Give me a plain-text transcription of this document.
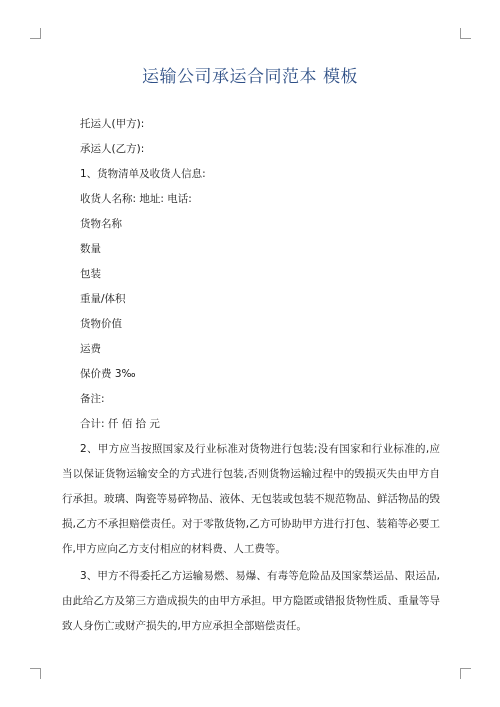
运输公司承运合同范本 模板
托运人(甲方):
承运人(乙方):
1、货物清单及收货人信息:
收货人名称: 地址: 电话:
货物名称
数量
包装
重量/体积
货物价值
运费
保价费 3‰
备注:
合计: 仟 佰 拾 元
2、甲方应当按照国家及行业标准对货物进行包装;没有国家和行业标准的,应当以保证货物运输安全的方式进行包装,否则货物运输过程中的毁损灭失由甲方自行承担。玻璃、陶瓷等易碎物品、液体、无包装或包装不规范物品、鲜活物品的毁损,乙方不承担赔偿责任。对于零散货物,乙方可协助甲方进行打包、装箱等必要工作,甲方应向乙方支付相应的材料费、人工费等。
3、甲方不得委托乙方运输易燃、易爆、有毒等危险品及国家禁运品、限运品,由此给乙方及第三方造成损失的由甲方承担。甲方隐匿或错报货物性质、重量等导致人身伤亡或财产损失的,甲方应承担全部赔偿责任。
